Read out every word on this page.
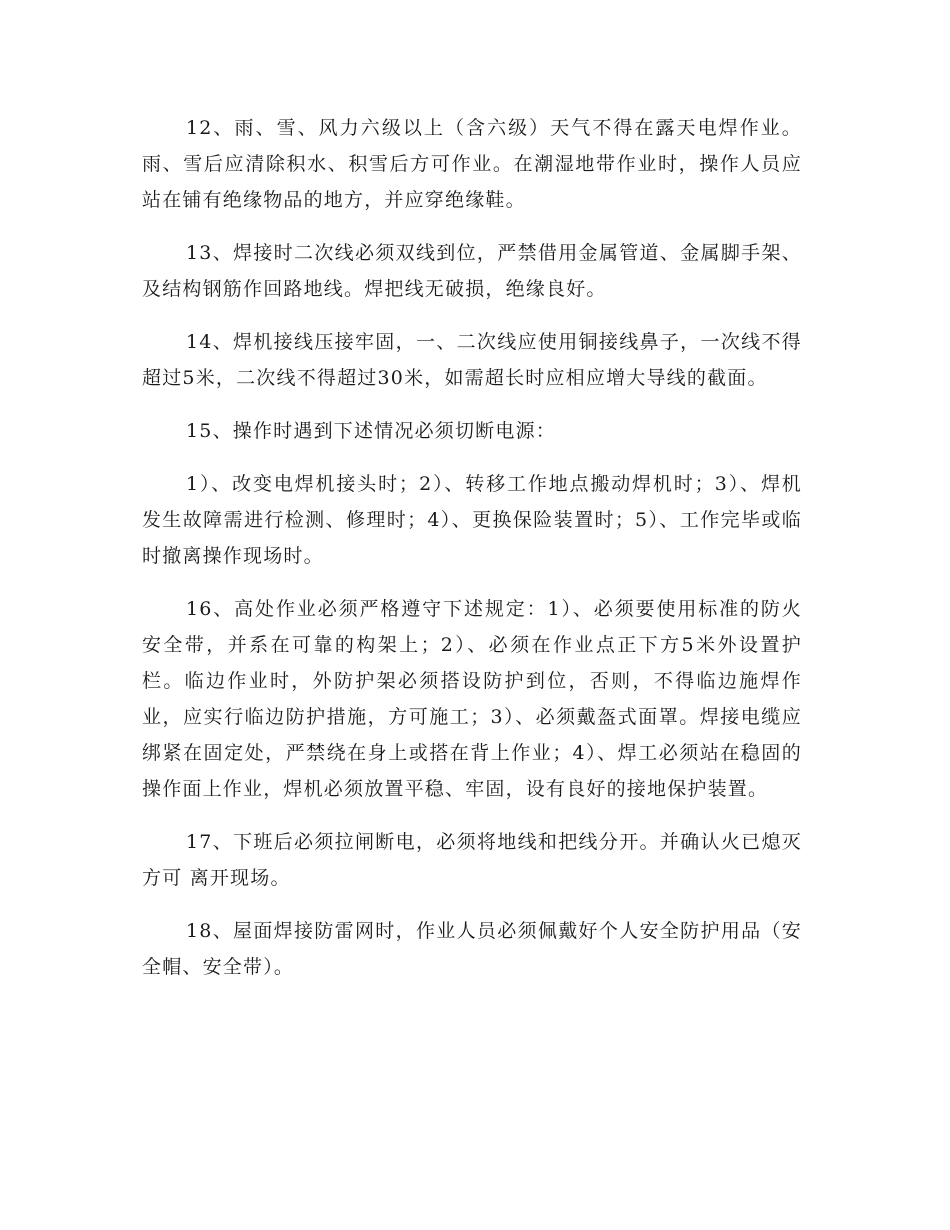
12、雨、雪、风力六级以上（含六级）天气不得在露天电焊作业。雨、雪后应清除积水、积雪后方可作业。在潮湿地带作业时，操作人员应站在铺有绝缘物品的地方，并应穿绝缘鞋。

13、焊接时二次线必须双线到位，严禁借用金属管道、金属脚手架、及结构钢筋作回路地线。焊把线无破损，绝缘良好。

14、焊机接线压接牢固，一、二次线应使用铜接线鼻子，一次线不得超过5米，二次线不得超过30米，如需超长时应相应增大导线的截面。

15、操作时遇到下述情况必须切断电源：

1）、改变电焊机接头时；2）、转移工作地点搬动焊机时；3）、焊机发生故障需进行检测、修理时；4）、更换保险装置时；5）、工作完毕或临时撤离操作现场时。

16、高处作业必须严格遵守下述规定：1）、必须要使用标准的防火安全带，并系在可靠的构架上；2）、必须在作业点正下方5米外设置护栏。临边作业时，外防护架必须搭设防护到位，否则，不得临边施焊作业，应实行临边防护措施，方可施工；3）、必须戴盔式面罩。焊接电缆应绑紧在固定处，严禁绕在身上或搭在背上作业；4）、焊工必须站在稳固的操作面上作业，焊机必须放置平稳、牢固，设有良好的接地保护装置。

17、下班后必须拉闸断电，必须将地线和把线分开。并确认火已熄灭方可 离开现场。

18、屋面焊接防雷网时，作业人员必须佩戴好个人安全防护用品（安全帽、安全带）。
